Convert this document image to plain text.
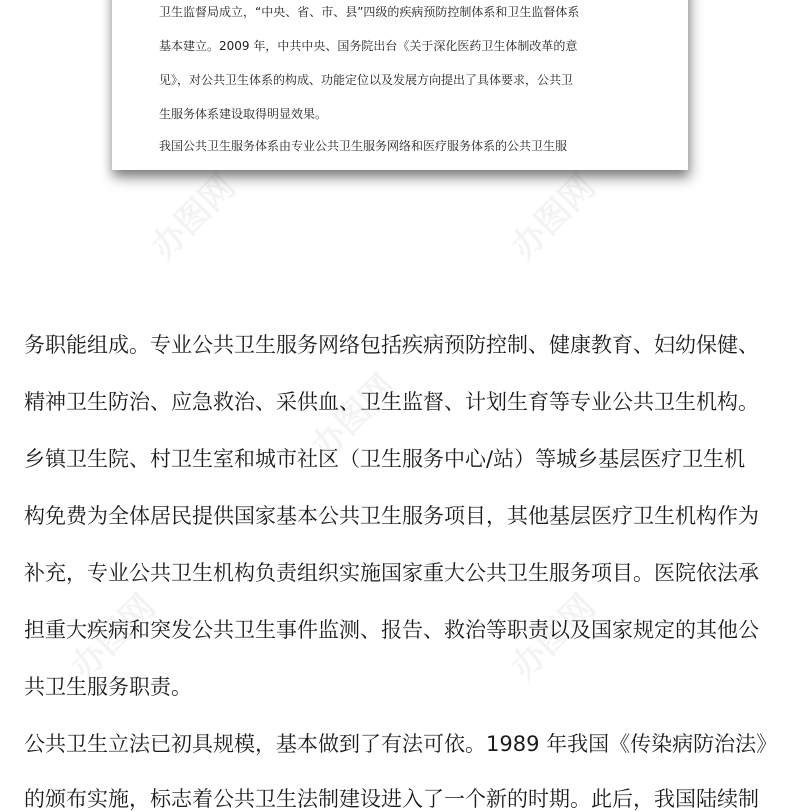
卫生监督局成立，“中央、省、市、县”四级的疾病预防控制体系和卫生监督体系
基本建立。2009 年，中共中央、国务院出台《关于深化医药卫生体制改革的意
见》，对公共卫生体系的构成、功能定位以及发展方向提出了具体要求，公共卫
生服务体系建设取得明显效果。
我国公共卫生服务体系由专业公共卫生服务网络和医疗服务体系的公共卫生服
务职能组成。专业公共卫生服务网络包括疾病预防控制、健康教育、妇幼保健、
精神卫生防治、应急救治、采供血、卫生监督、计划生育等专业公共卫生机构。
乡镇卫生院、村卫生室和城市社区（卫生服务中心/站）等城乡基层医疗卫生机
构免费为全体居民提供国家基本公共卫生服务项目，其他基层医疗卫生机构作为
补充，专业公共卫生机构负责组织实施国家重大公共卫生服务项目。医院依法承
担重大疾病和突发公共卫生事件监测、报告、救治等职责以及国家规定的其他公
共卫生服务职责。
公共卫生立法已初具规模，基本做到了有法可依。1989 年我国《传染病防治法》
的颁布实施，标志着公共卫生法制建设进入了一个新的时期。此后，我国陆续制
